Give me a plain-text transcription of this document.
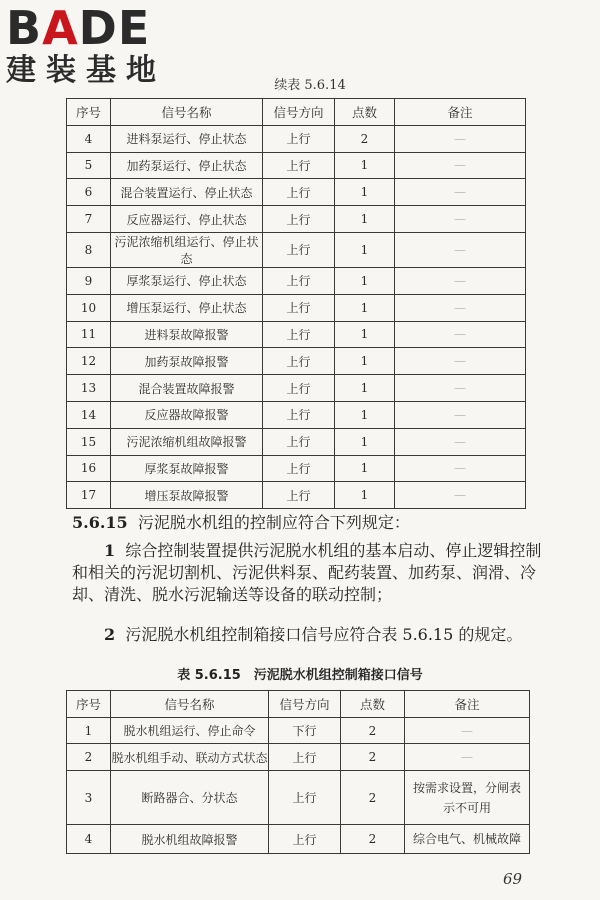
BADE
建装基地	续表 5.6.14
序号	信号名称	信号方向	点数	备注
4	进料泵运行、停止状态	上行	2	—
5	加药泵运行、停止状态	上行	1	—
6	混合装置运行、停止状态	上行	1	—
7	反应器运行、停止状态	上行	1	—
8	污泥浓缩机组运行、停止状态	上行	1	—
9	厚浆泵运行、停止状态	上行	1	—
10	增压泵运行、停止状态	上行	1	—
11	进料泵故障报警	上行	1	—
12	加药泵故障报警	上行	1	—
13	混合装置故障报警	上行	1	—
14	反应器故障报警	上行	1	—
15	污泥浓缩机组故障报警	上行	1	—
16	厚浆泵故障报警	上行	1	—
17	增压泵故障报警	上行	1	—
5.6.15 污泥脱水机组的控制应符合下列规定：
1 综合控制装置提供污泥脱水机组的基本启动、停止逻辑控制和相关的污泥切割机、污泥供料泵、配药装置、加药泵、润滑、冷却、清洗、脱水污泥输送等设备的联动控制；
2 污泥脱水机组控制箱接口信号应符合表 5.6.15 的规定。
表 5.6.15　污泥脱水机组控制箱接口信号
序号	信号名称	信号方向	点数	备注
1	脱水机组运行、停止命令	下行	2	—
2	脱水机组手动、联动方式状态	上行	2	—
3	断路器合、分状态	上行	2	按需求设置，分闸表示不可用
4	脱水机组故障报警	上行	2	综合电气、机械故障
69
